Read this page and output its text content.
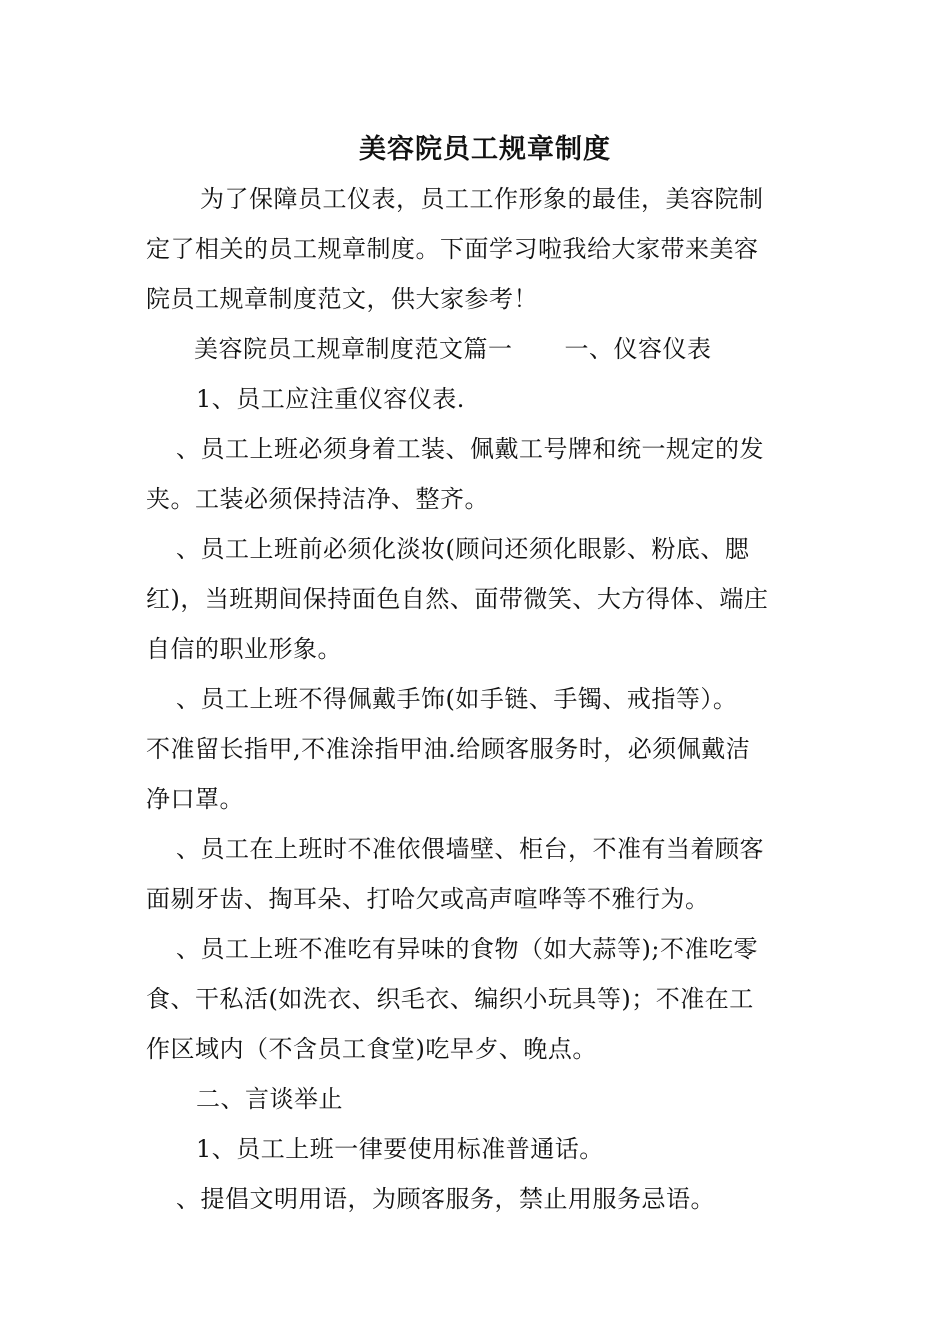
美容院员工规章制度
为了保障员工仪表，员工工作形象的最佳，美容院制
定了相关的员工规章制度。下面学习啦我给大家带来美容
院员工规章制度范文，供大家参考！
美容院员工规章制度范文篇一 一、仪容仪表
1、员工应注重仪容仪表.
、员工上班必须身着工装、佩戴工号牌和统一规定的发
夹。工装必须保持洁净、整齐。
、员工上班前必须化淡妆(顾问还须化眼影、粉底、腮
红)，当班期间保持面色自然、面带微笑、大方得体、端庄
自信的职业形象。
、员工上班不得佩戴手饰(如手链、手镯、戒指等）。
不准留长指甲,不准涂指甲油.给顾客服务时，必须佩戴洁
净口罩。
、员工在上班时不准依偎墙壁、柜台，不准有当着顾客
面剔牙齿、掏耳朵、打哈欠或高声喧哗等不雅行为。
、员工上班不准吃有异味的食物（如大蒜等);不准吃零
食、干私活(如洗衣、织毛衣、编织小玩具等)；不准在工
作区域内（不含员工食堂)吃早歺、晚点。
二、言谈举止
1、员工上班一律要使用标准普通话。
、提倡文明用语，为顾客服务，禁止用服务忌语。
